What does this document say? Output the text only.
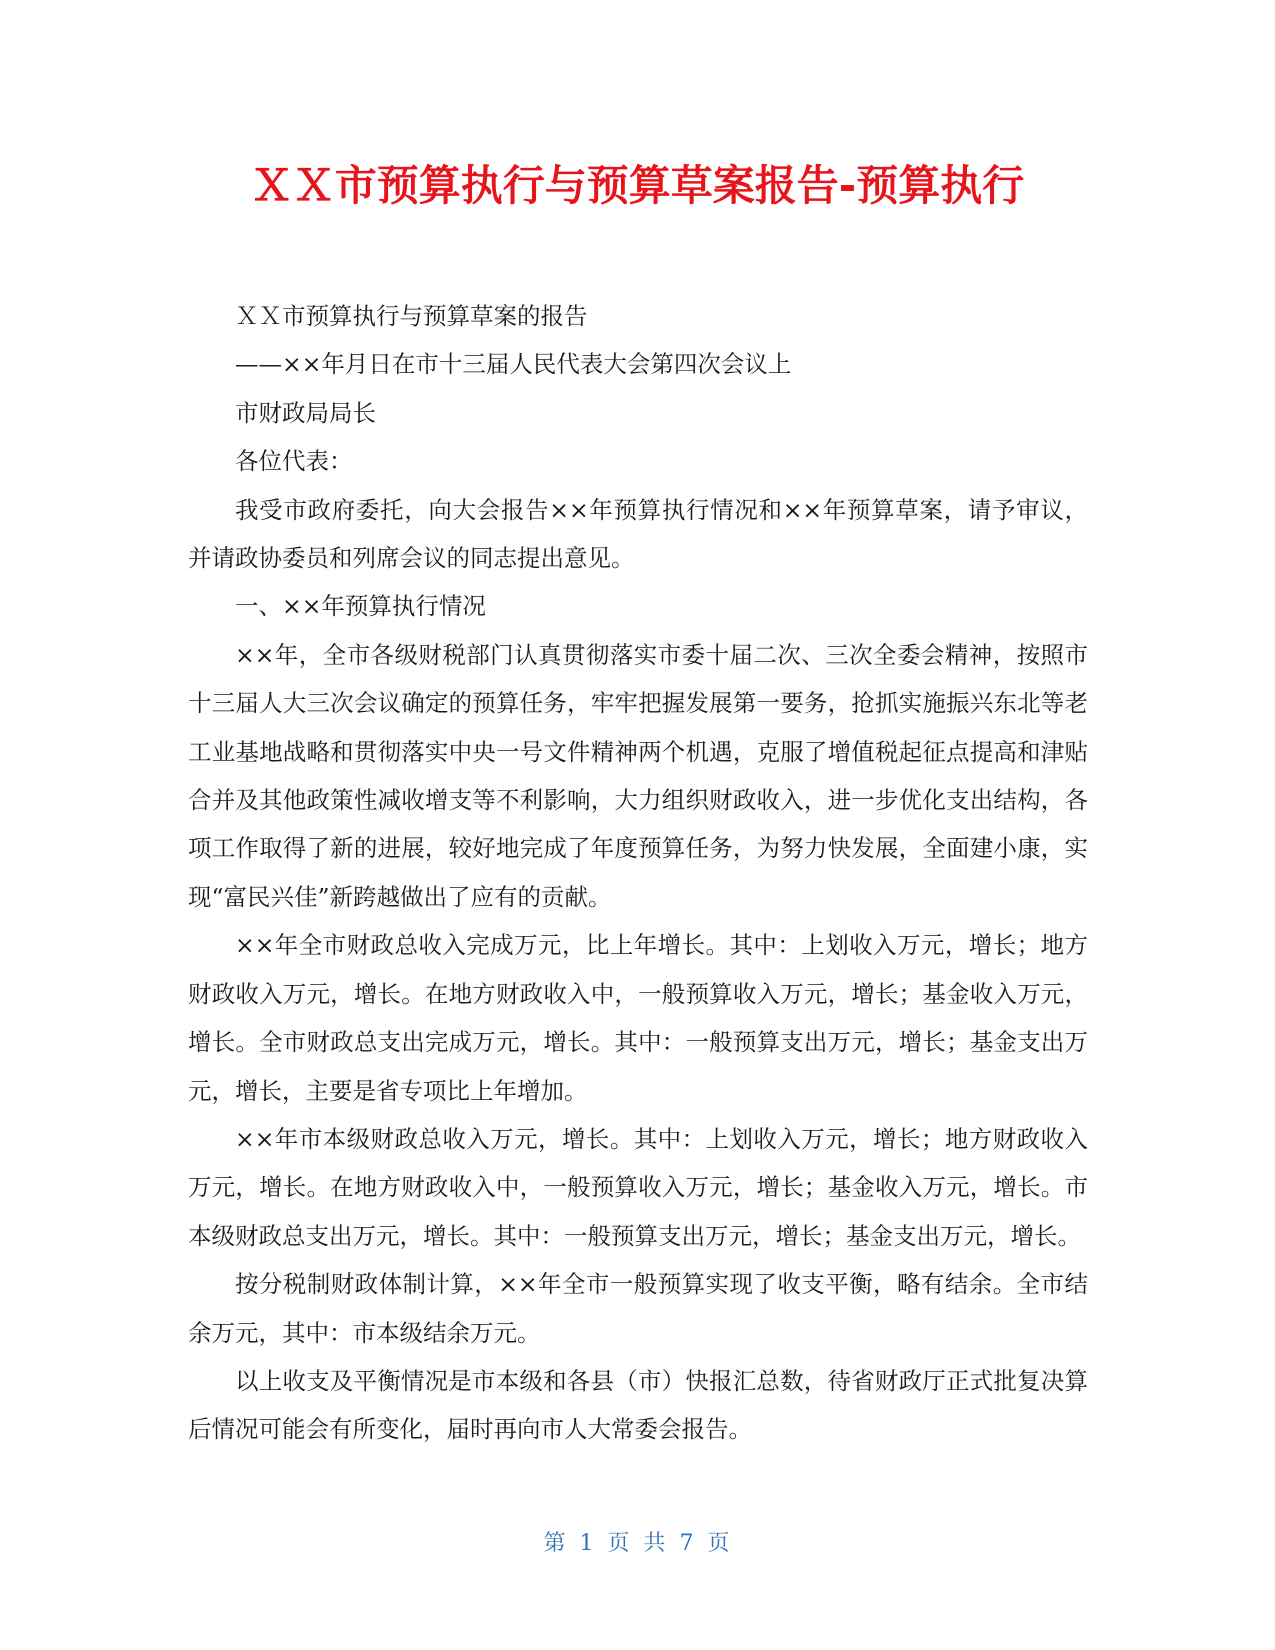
ＸＸ市预算执行与预算草案报告-预算执行

ＸＸ市预算执行与预算草案的报告

——××年月日在市十三届人民代表大会第四次会议上

市财政局局长

各位代表：

我受市政府委托，向大会报告××年预算执行情况和××年预算草案，请予审议，并请政协委员和列席会议的同志提出意见。

一、××年预算执行情况

××年，全市各级财税部门认真贯彻落实市委十届二次、三次全委会精神，按照市十三届人大三次会议确定的预算任务，牢牢把握发展第一要务，抢抓实施振兴东北等老工业基地战略和贯彻落实中央一号文件精神两个机遇，克服了增值税起征点提高和津贴合并及其他政策性减收增支等不利影响，大力组织财政收入，进一步优化支出结构，各项工作取得了新的进展，较好地完成了年度预算任务，为努力快发展，全面建小康，实现“富民兴佳”新跨越做出了应有的贡献。

××年全市财政总收入完成万元，比上年增长。其中：上划收入万元，增长；地方财政收入万元，增长。在地方财政收入中，一般预算收入万元，增长；基金收入万元，增长。全市财政总支出完成万元，增长。其中：一般预算支出万元，增长；基金支出万元，增长，主要是省专项比上年增加。

××年市本级财政总收入万元，增长。其中：上划收入万元，增长；地方财政收入万元，增长。在地方财政收入中，一般预算收入万元，增长；基金收入万元，增长。市本级财政总支出万元，增长。其中：一般预算支出万元，增长；基金支出万元，增长。

按分税制财政体制计算，××年全市一般预算实现了收支平衡，略有结余。全市结余万元，其中：市本级结余万元。

以上收支及平衡情况是市本级和各县（市）快报汇总数，待省财政厅正式批复决算后情况可能会有所变化，届时再向市人大常委会报告。

第 1 页 共 7 页
